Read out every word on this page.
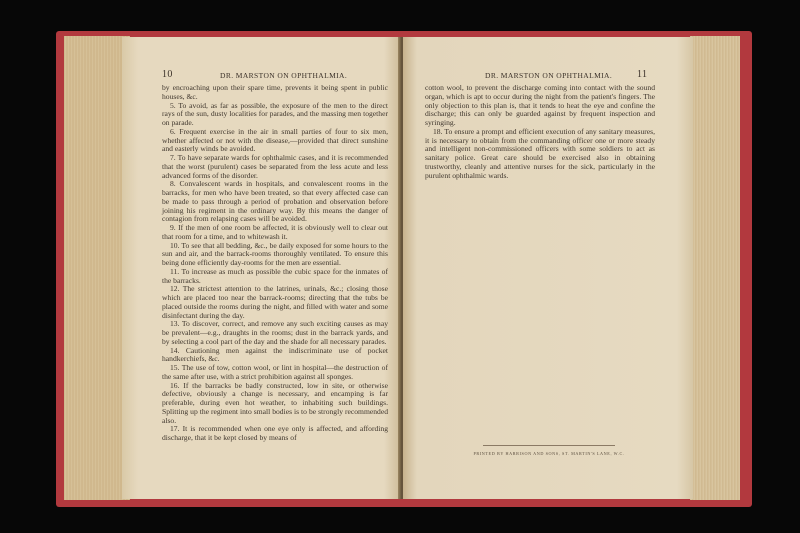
10	DR. MARSTON ON OPHTHALMIA.

by encroaching upon their spare time, prevents it being spent in public houses, &c.

5. To avoid, as far as possible, the exposure of the men to the direct rays of the sun, dusty localities for parades, and the massing men together on parade.

6. Frequent exercise in the air in small parties of four to six men, whether affected or not with the disease,—provided that direct sunshine and easterly winds be avoided.

7. To have separate wards for ophthalmic cases, and it is recommended that the worst (purulent) cases be separated from the less acute and less advanced forms of the disorder.

8. Convalescent wards in hospitals, and convalescent rooms in the barracks, for men who have been treated, so that every affected case can be made to pass through a period of probation and observation before joining his regiment in the ordinary way. By this means the danger of contagion from relapsing cases will be avoided.

9. If the men of one room be affected, it is obviously well to clear out that room for a time, and to whitewash it.

10. To see that all bedding, &c., be daily exposed for some hours to the sun and air, and the barrack-rooms thoroughly ventilated. To ensure this being done efficiently day-rooms for the men are essential.

11. To increase as much as possible the cubic space for the inmates of the barracks.

12. The strictest attention to the latrines, urinals, &c.; closing those which are placed too near the barrack-rooms; directing that the tubs be placed outside the rooms during the night, and filled with water and some disinfectant during the day.

13. To discover, correct, and remove any such exciting causes as may be prevalent—e.g., draughts in the rooms; dust in the barrack yards, and by selecting a cool part of the day and the shade for all necessary parades.

14. Cautioning men against the indiscriminate use of pocket handkerchiefs, &c.

15. The use of tow, cotton wool, or lint in hospital—the destruction of the same after use, with a strict prohibition against all sponges.

16. If the barracks be badly constructed, low in site, or otherwise defective, obviously a change is necessary, and encamping is far preferable, during even hot weather, to inhabiting such buildings. Splitting up the regiment into small bodies is to be strongly recommended also.

17. It is recommended when one eye only is affected, and affording discharge, that it be kept closed by means of

DR. MARSTON ON OPHTHALMIA. 11

cotton wool, to prevent the discharge coming into contact with the sound organ, which is apt to occur during the night from the patient's fingers. The only objection to this plan is, that it tends to heat the eye and confine the discharge; this can only be guarded against by frequent inspection and syringing.

18. To ensure a prompt and efficient execution of any sanitary measures, it is necessary to obtain from the commanding officer one or more steady and intelligent non-commissioned officers with some soldiers to act as sanitary police. Great care should be exercised also in obtaining trustworthy, cleanly and attentive nurses for the sick, particularly in the purulent ophthalmic wards.

PRINTED BY HARRISON AND SONS, ST. MARTIN'S LANE, W.C.
